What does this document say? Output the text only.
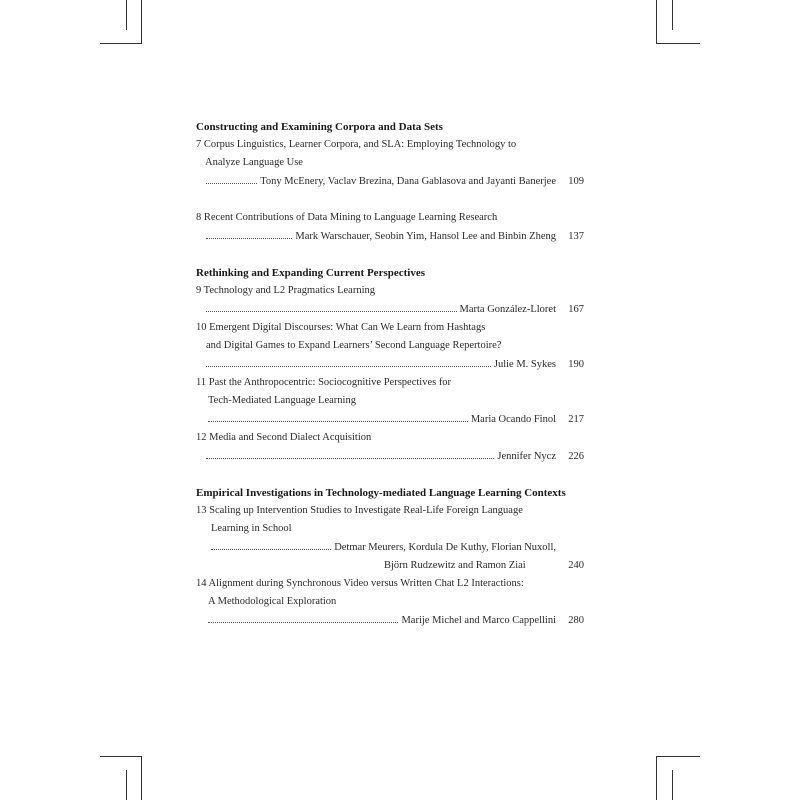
Constructing and Examining Corpora and Data Sets
7 Corpus Linguistics, Learner Corpora, and SLA: Employing Technology to
Analyze Language Use
Tony McEnery, Vaclav Brezina, Dana Gablasova and Jayanti Banerjee	109
8 Recent Contributions of Data Mining to Language Learning Research
Mark Warschauer, Seobin Yim, Hansol Lee and Binbin Zheng	137
Rethinking and Expanding Current Perspectives
9 Technology and L2 Pragmatics Learning
Marta González-Lloret	167
10 Emergent Digital Discourses: What Can We Learn from Hashtags
and Digital Games to Expand Learners’ Second Language Repertoire?
Julie M. Sykes	190
11 Past the Anthropocentric: Sociocognitive Perspectives for
Tech-Mediated Language Learning
Maria Ocando Finol	217
12 Media and Second Dialect Acquisition
Jennifer Nycz	226
Empirical Investigations in Technology-mediated Language Learning Contexts
13 Scaling up Intervention Studies to Investigate Real-Life Foreign Language
Learning in School
Detmar Meurers, Kordula De Kuthy, Florian Nuxoll,
Björn Rudzewitz and Ramon Ziai	240
14 Alignment during Synchronous Video versus Written Chat L2 Interactions:
A Methodological Exploration
Marije Michel and Marco Cappellini	280
